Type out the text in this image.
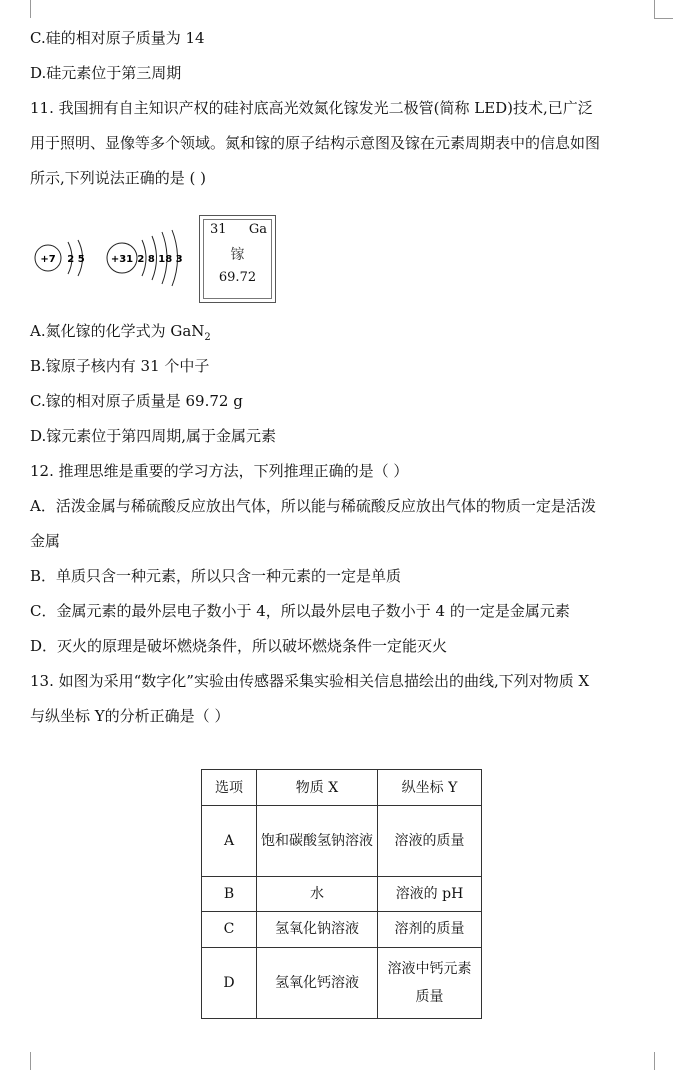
C.硅的相对原子质量为 14
D.硅元素位于第三周期
11. 我国拥有自主知识产权的硅衬底高光效氮化镓发光二极管(简称 LED)技术,已广泛
用于照明、显像等多个领域。氮和镓的原子结构示意图及镓在元素周期表中的信息如图
所示,下列说法正确的是 ( )
+7 2 5	+31 2 8 18 3
31 Ga
镓
69.72
A.氮化镓的化学式为 GaN$_2$
B.镓原子核内有 31 个中子
C.镓的相对原子质量是 69.72 g
D.镓元素位于第四周期,属于金属元素
12. 推理思维是重要的学习方法，下列推理正确的是（ ）
A．活泼金属与稀硫酸反应放出气体，所以能与稀硫酸反应放出气体的物质一定是活泼
金属
B．单质只含一种元素，所以只含一种元素的一定是单质
C．金属元素的最外层电子数小于 4，所以最外层电子数小于 4 的一定是金属元素
D．灭火的原理是破坏燃烧条件，所以破坏燃烧条件一定能灭火
13. 如图为采用“数字化”实验由传感器采集实验相关信息描绘出的曲线,下列对物质 X
与纵坐标 Y的分析正确是（ ）
选项	物质 X	纵坐标 Y
A	饱和碳酸氢钠溶液	溶液的质量
B	水	溶液的 pH
C	氢氧化钠溶液	溶剂的质量
D	氢氧化钙溶液	溶液中钙元素质量
